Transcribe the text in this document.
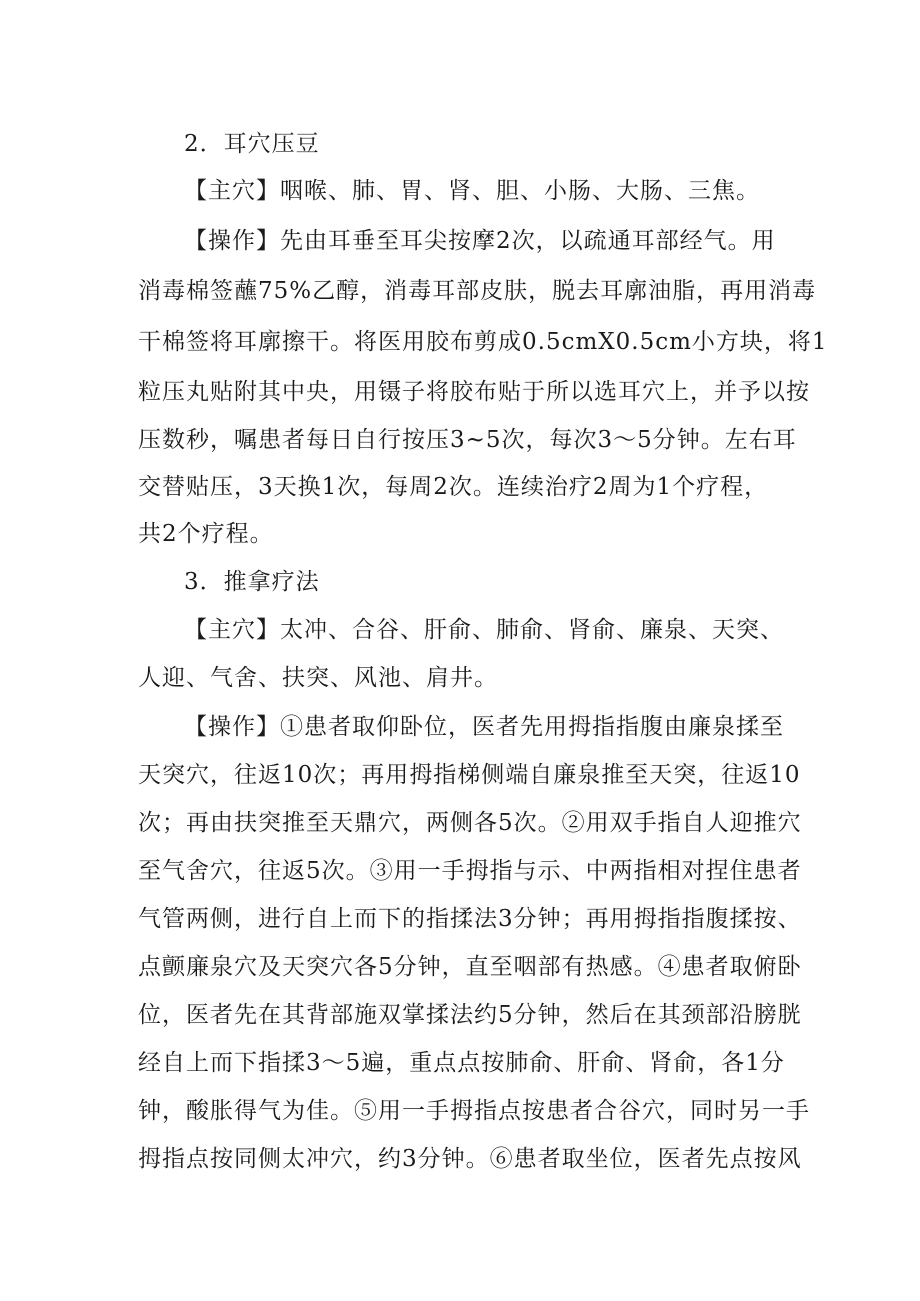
2．耳穴压豆
【主穴】咽喉、肺、胃、肾、胆、小肠、大肠、三焦。
【操作】先由耳垂至耳尖按摩2次，以疏通耳部经气。用
消毒棉签蘸75%乙醇，消毒耳部皮肤，脱去耳廓油脂，再用消毒
干棉签将耳廓擦干。将医用胶布剪成0.5cmX0.5cm小方块，将1
粒压丸贴附其中央，用镊子将胶布贴于所以选耳穴上，并予以按
压数秒，嘱患者每日自行按压3~5次，每次3～5分钟。左右耳
交替贴压，3天换1次，每周2次。连续治疗2周为1个疗程，
共2个疗程。
3．推拿疗法
【主穴】太冲、合谷、肝俞、肺俞、肾俞、廉泉、天突、
人迎、气舍、扶突、风池、肩井。
【操作】①患者取仰卧位，医者先用拇指指腹由廉泉揉至
天突穴，往返10次；再用拇指梯侧端自廉泉推至天突，往返10
次；再由扶突推至天鼎穴，两侧各5次。②用双手指自人迎推穴
至气舍穴，往返5次。③用一手拇指与示、中两指相对捏住患者
气管两侧，进行自上而下的指揉法3分钟；再用拇指指腹揉按、
点颤廉泉穴及天突穴各5分钟，直至咽部有热感。④患者取俯卧
位，医者先在其背部施双掌揉法约5分钟，然后在其颈部沿膀胱
经自上而下指揉3～5遍，重点点按肺俞、肝俞、肾俞，各1分
钟，酸胀得气为佳。⑤用一手拇指点按患者合谷穴，同时另一手
拇指点按同侧太冲穴，约3分钟。⑥患者取坐位，医者先点按风
